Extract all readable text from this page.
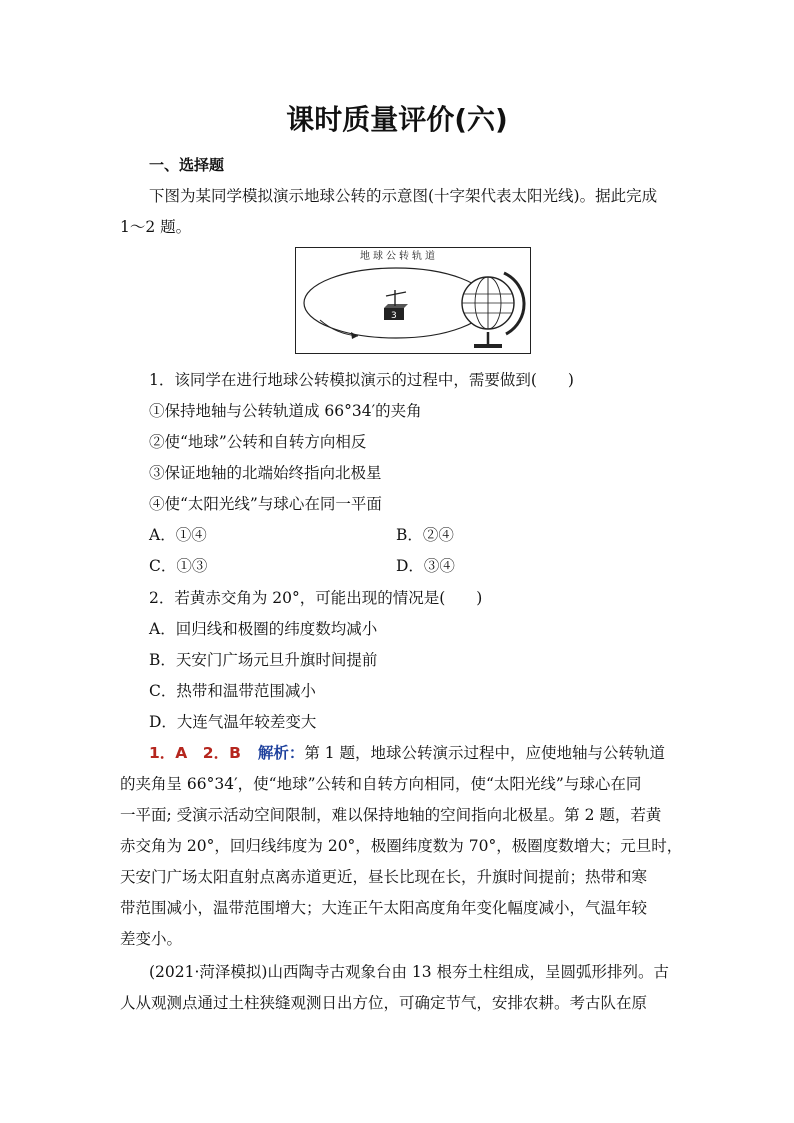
课时质量评价(六)
一、选择题
下图为某同学模拟演示地球公转的示意图(十字架代表太阳光线)。据此完成
1～2 题。
地球公转轨道
3
1．该同学在进行地球公转模拟演示的过程中，需要做到(　　)
①保持地轴与公转轨道成 66°34′的夹角
②使“地球”公转和自转方向相反
③保证地轴的北端始终指向北极星
④使“太阳光线”与球心在同一平面
A．①④	B．②④
C．①③	D．③④
2．若黄赤交角为 20°，可能出现的情况是(　　)
A．回归线和极圈的纬度数均减小
B．天安门广场元旦升旗时间提前
C．热带和温带范围减小
D．大连气温年较差变大
1．A　2．B 解析：第 1 题，地球公转演示过程中，应使地轴与公转轨道
的夹角呈 66°34′，使“地球”公转和自转方向相同，使“太阳光线”与球心在同
一平面; 受演示活动空间限制，难以保持地轴的空间指向北极星。第 2 题，若黄
赤交角为 20°，回归线纬度为 20°，极圈纬度数为 70°，极圈度数增大；元旦时，
天安门广场太阳直射点离赤道更近，昼长比现在长，升旗时间提前；热带和寒
带范围减小，温带范围增大；大连正午太阳高度角年变化幅度减小，气温年较
差变小。
(2021·菏泽模拟)山西陶寺古观象台由 13 根夯土柱组成，呈圆弧形排列。古
人从观测点通过土柱狭缝观测日出方位，可确定节气，安排农耕。考古队在原
